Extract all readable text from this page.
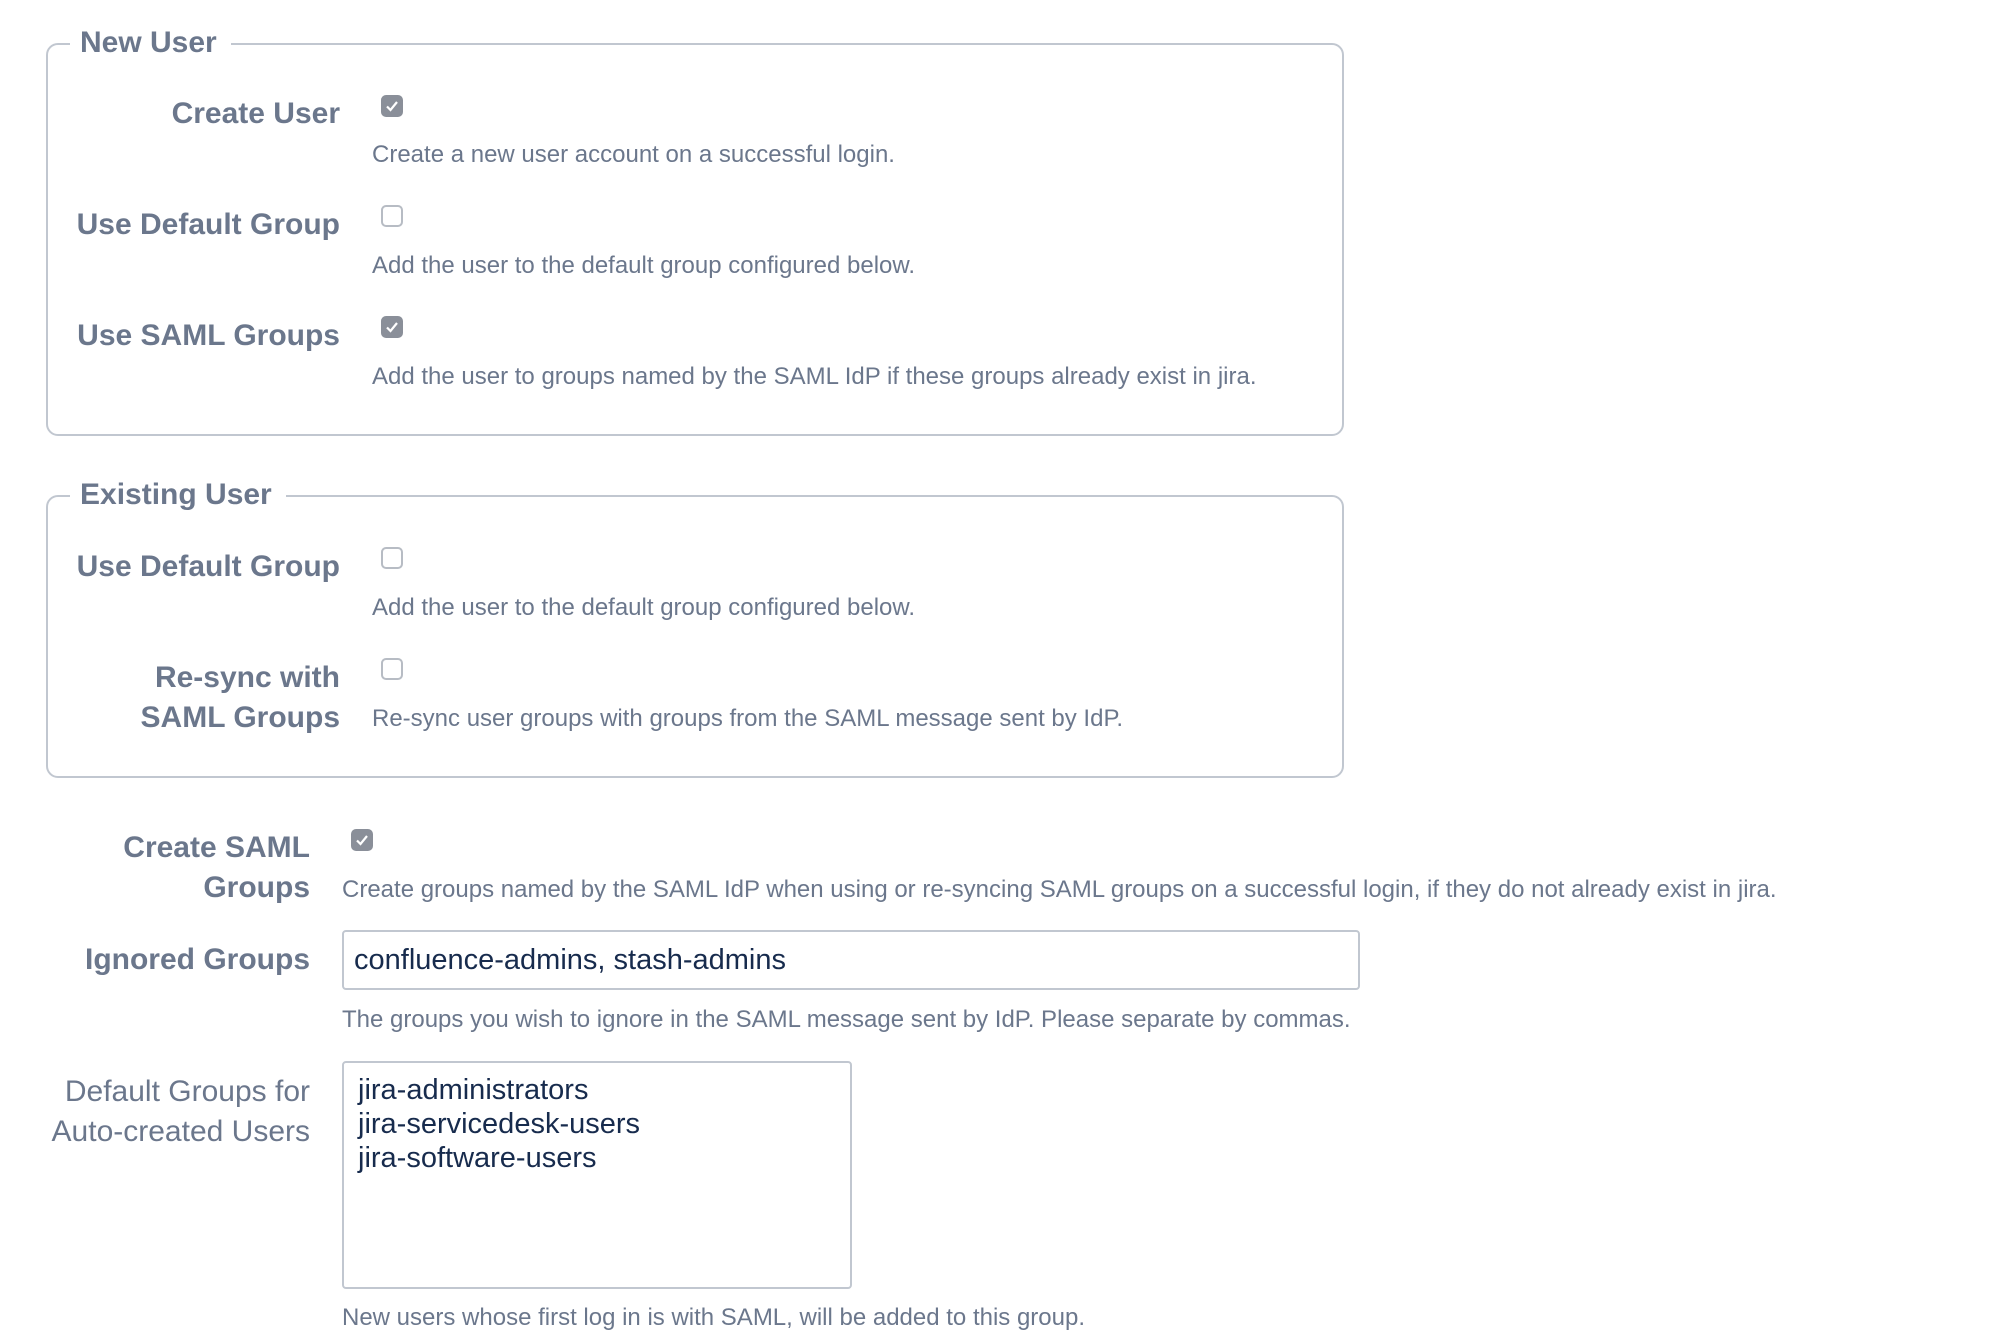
New User
Create User
Create a new user account on a successful login.
Use Default Group
Add the user to the default group configured below.
Use SAML Groups
Add the user to groups named by the SAML IdP if these groups already exist in jira.
Existing User
Use Default Group
Add the user to the default group configured below.
Re-sync with
SAML Groups Re-sync user groups with groups from the SAML message sent by IdP.
Create SAML
Groups Create groups named by the SAML IdP when using or re-syncing SAML groups on a successful login, if they do not already exist in jira.
Ignored Groups	confluence-admins, stash-admins
The groups you wish to ignore in the SAML message sent by IdP. Please separate by commas.
Default Groups for
Auto-created Users
jira-administrators
jira-servicedesk-users
jira-software-users
New users whose first log in is with SAML, will be added to this group.
